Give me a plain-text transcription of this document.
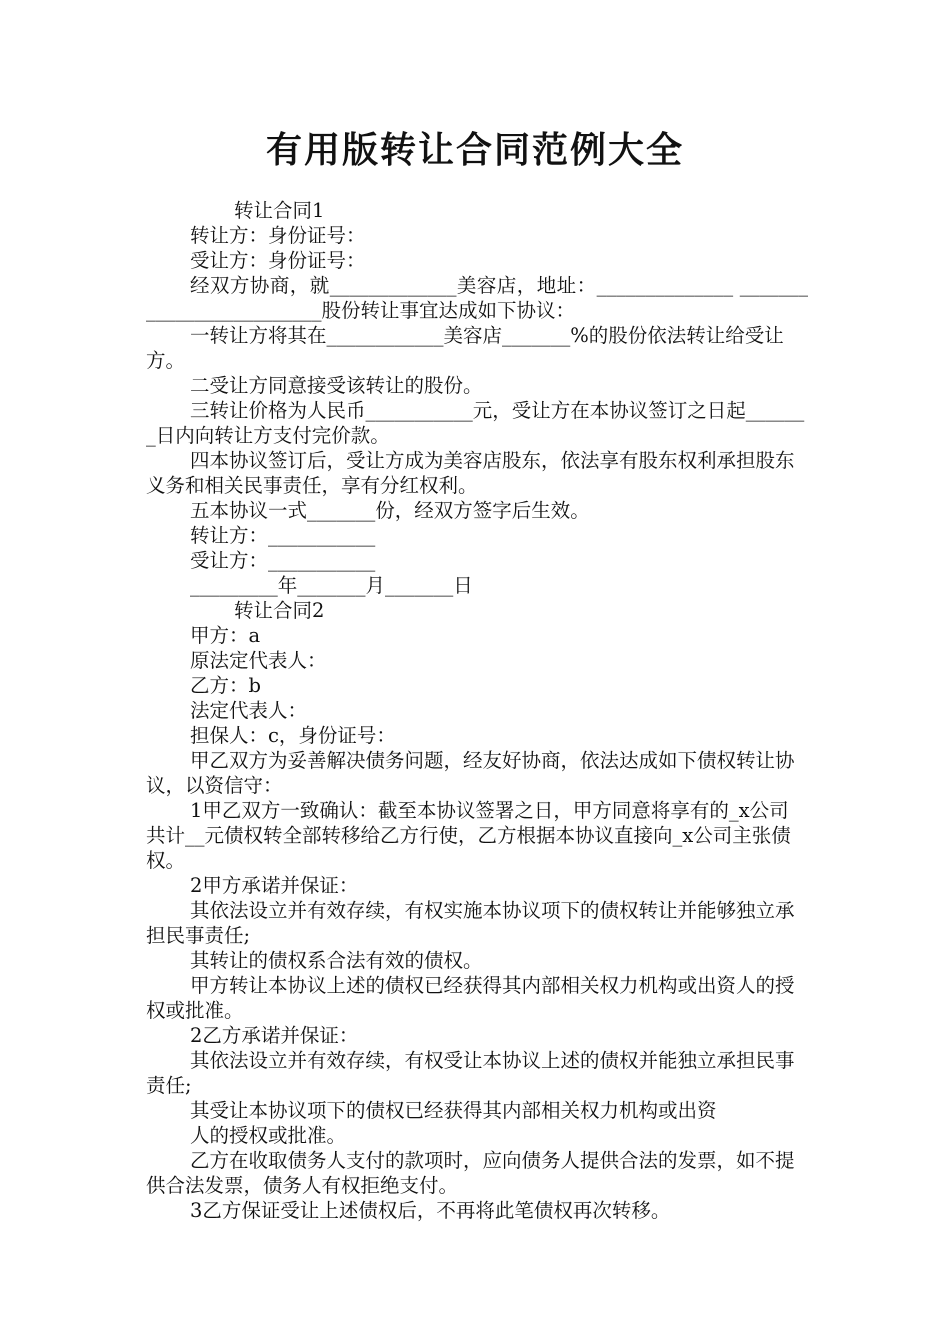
有用版转让合同范例大全

转让合同1

转让方：身份证号：

受让方：身份证号：

经双方协商，就_____________美容店，地址：______________ _________________________股份转让事宜达成如下协议：

一转让方将其在____________美容店_______%的股份依法转让给受让方。

二受让方同意接受该转让的股份。

三转让价格为人民币___________元，受让方在本协议签订之日起_______日内向转让方支付完价款。

四本协议签订后，受让方成为美容店股东，依法享有股东权利承担股东义务和相关民事责任，享有分红权利。

五本协议一式_______份，经双方签字后生效。

转让方：___________

受让方：___________

_________年_______月_______日

转让合同2

甲方：a

原法定代表人：

乙方：b

法定代表人：

担保人：c，身份证号：

甲乙双方为妥善解决债务问题，经友好协商，依法达成如下债权转让协议，以资信守：

1甲乙双方一致确认：截至本协议签署之日，甲方同意将享有的_x公司共计__元债权转全部转移给乙方行使，乙方根据本协议直接向_x公司主张债权。

2甲方承诺并保证：

其依法设立并有效存续，有权实施本协议项下的债权转让并能够独立承担民事责任;

其转让的债权系合法有效的债权。

甲方转让本协议上述的债权已经获得其内部相关权力机构或出资人的授权或批准。

2乙方承诺并保证：

其依法设立并有效存续，有权受让本协议上述的债权并能独立承担民事责任;

其受让本协议项下的债权已经获得其内部相关权力机构或出资

人的授权或批准。

乙方在收取债务人支付的款项时，应向债务人提供合法的发票，如不提供合法发票，债务人有权拒绝支付。

3乙方保证受让上述债权后，不再将此笔债权再次转移。
